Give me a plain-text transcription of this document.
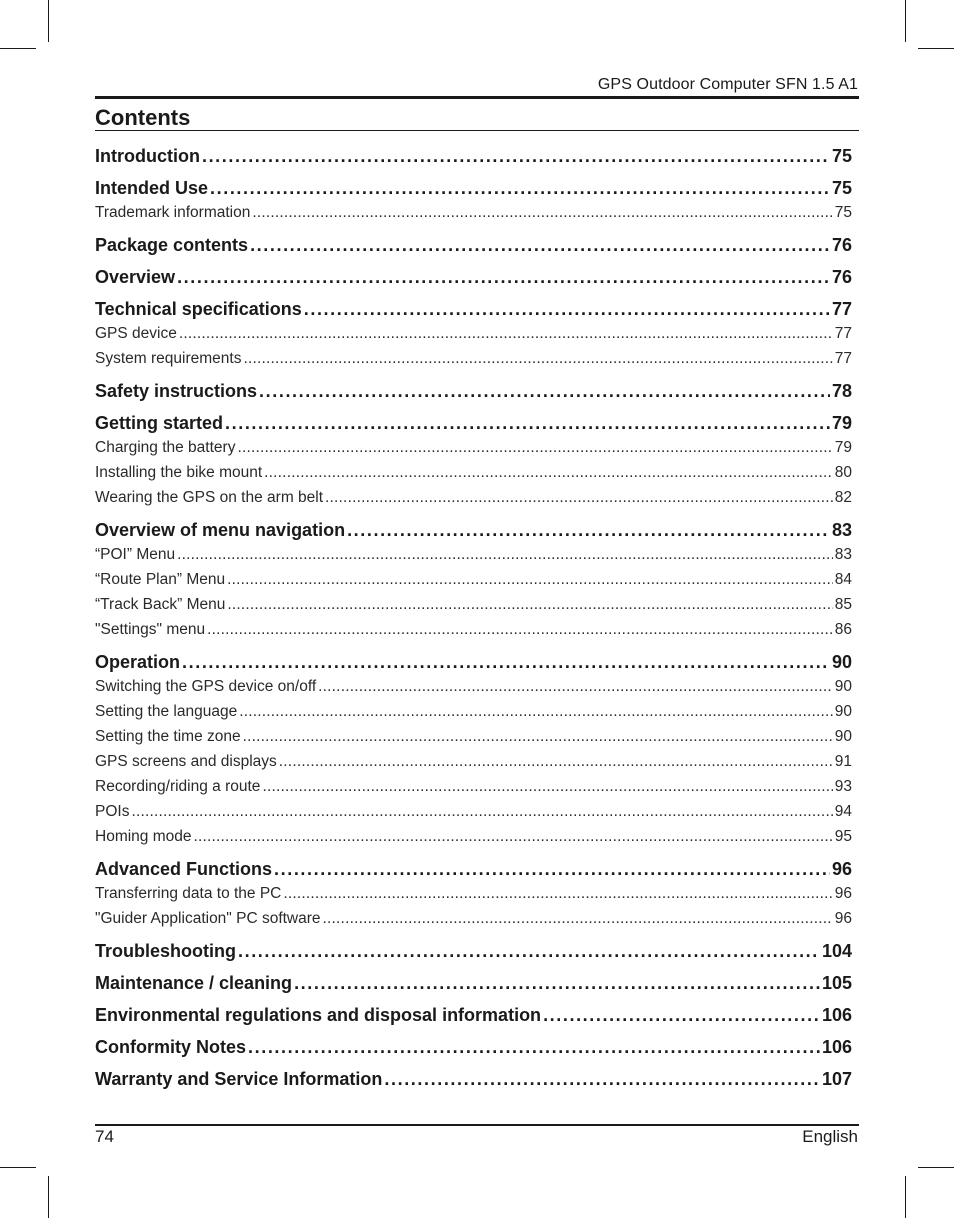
GPS Outdoor Computer SFN 1.5 A1
Contents
Introduction .....	75
Intended Use .....	75
Trademark information .....	75
Package contents .....	76
Overview .....	76
Technical specifications .....	77
GPS device .....	77
System requirements .....	77
Safety instructions .....	78
Getting started .....	79
Charging the battery .....	79
Installing the bike mount .....	80
Wearing the GPS on the arm belt .....	82
Overview of menu navigation .....	83
“POI” Menu .....	83
“Route Plan” Menu .....	84
“Track Back” Menu .....	85
"Settings" menu .....	86
Operation .....	90
Switching the GPS device on/off .....	90
Setting the language .....	90
Setting the time zone .....	90
GPS screens and displays .....	91
Recording/riding a route .....	93
POIs .....	94
Homing mode .....	95
Advanced Functions .....	96
Transferring data to the PC .....	96
"Guider Application" PC software .....	96
Troubleshooting .....	104
Maintenance / cleaning .....	105
Environmental regulations and disposal information .....	106
Conformity Notes .....	106
Warranty and Service Information .....	107
74	English
